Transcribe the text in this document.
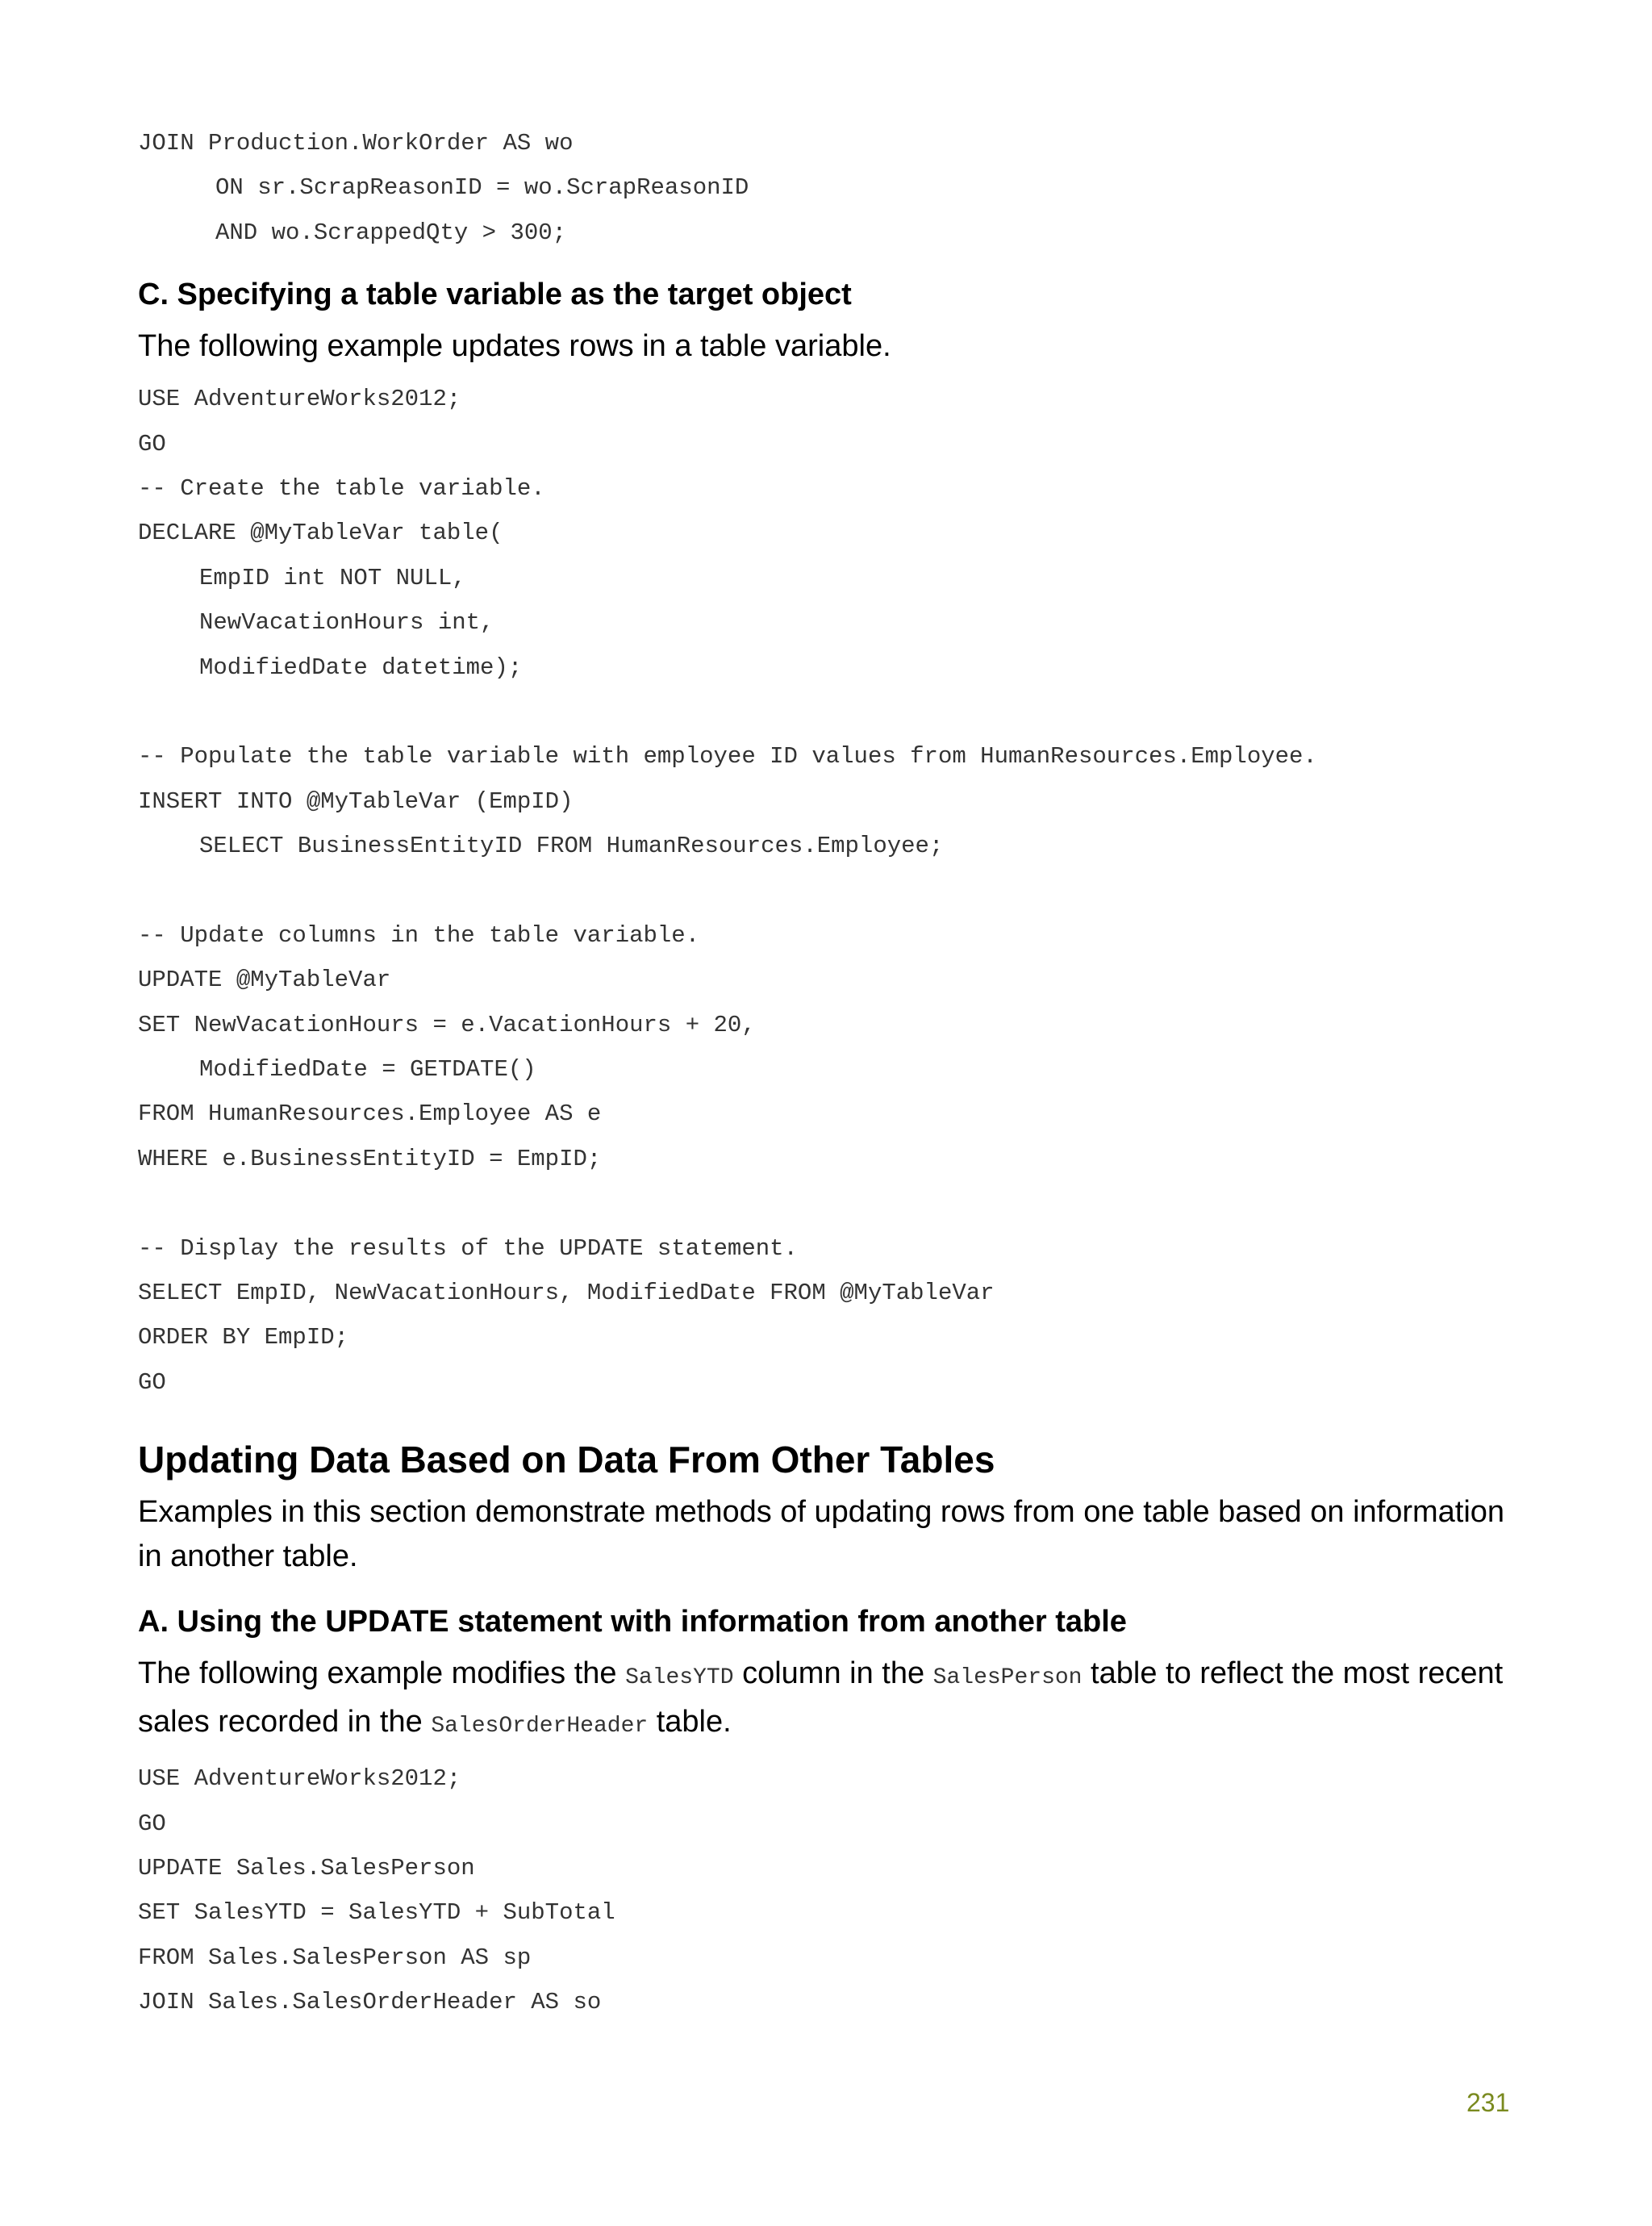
JOIN Production.WorkOrder AS wo
ON sr.ScrapReasonID = wo.ScrapReasonID
AND wo.ScrappedQty > 300;
C. Specifying a table variable as the target object

The following example updates rows in a table variable.

USE AdventureWorks2012;
GO
-- Create the table variable.
DECLARE @MyTableVar table(
EmpID int NOT NULL,
NewVacationHours int,
ModifiedDate datetime);
-- Populate the table variable with employee ID values from HumanResources.Employee.
INSERT INTO @MyTableVar (EmpID)
SELECT BusinessEntityID FROM HumanResources.Employee;
-- Update columns in the table variable.
UPDATE @MyTableVar
SET NewVacationHours = e.VacationHours + 20,
ModifiedDate = GETDATE()
FROM HumanResources.Employee AS e
WHERE e.BusinessEntityID = EmpID;
-- Display the results of the UPDATE statement.
SELECT EmpID, NewVacationHours, ModifiedDate FROM @MyTableVar
ORDER BY EmpID;
GO
Updating Data Based on Data From Other Tables

Examples in this section demonstrate methods of updating rows from one table based on information in another table.

A. Using the UPDATE statement with information from another table

The following example modifies the SalesYTD column in the SalesPerson table to reflect the most recent sales recorded in the SalesOrderHeader table.

USE AdventureWorks2012;
GO
UPDATE Sales.SalesPerson
SET SalesYTD = SalesYTD + SubTotal
FROM Sales.SalesPerson AS sp
JOIN Sales.SalesOrderHeader AS so
231
